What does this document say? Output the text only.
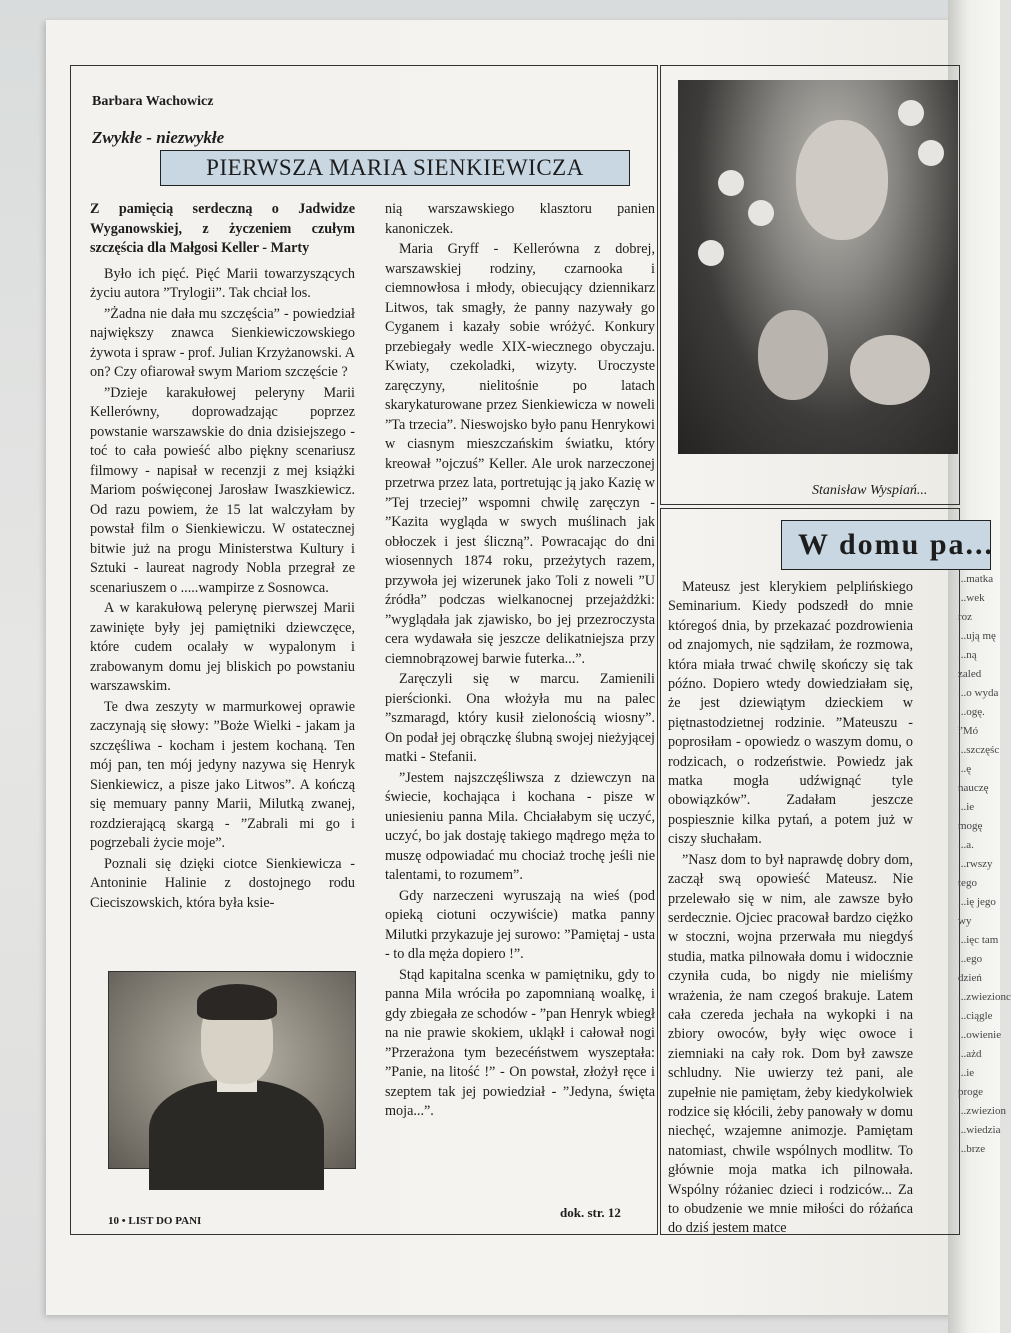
Barbara Wachowicz
Zwykłe - niezwykłe
PIERWSZA MARIA SIENKIEWICZA

Z pamięcią serdeczną o Jadwidze Wyganowskiej, z życzeniem czułym szczęścia dla Małgosi Keller - Marty

Było ich pięć. Pięć Marii towarzyszących życiu autora ”Trylogii”. Tak chciał los.

”Żadna nie dała mu szczęścia” - powiedział największy znawca Sienkiewiczowskiego żywota i spraw - prof. Julian Krzyżanowski. A on? Czy ofiarował swym Mariom szczęście ?

”Dzieje karakułowej peleryny Marii Kellerówny, doprowadzając poprzez powstanie warszawskie do dnia dzisiejszego - toć to cała powieść albo piękny scenariusz filmowy - napisał w recenzji z mej książki Mariom poświęconej Jarosław Iwaszkiewicz. Od razu powiem, że 15 lat walczyłam by powstał film o Sienkiewiczu. W ostatecznej bitwie już na progu Ministerstwa Kultury i Sztuki - laureat nagrody Nobla przegrał ze scenariuszem o .....wampirze z Sosnowca.

A w karakułową pelerynę pierwszej Marii zawinięte były jej pamiętniki dziewczęce, które cudem ocalały w wypalonym i zrabowanym domu jej bliskich po powstaniu warszawskim.

Te dwa zeszyty w marmurkowej oprawie zaczynają się słowy: ”Boże Wielki - jakam ja szczęśliwa - kocham i jestem kochaną. Ten mój pan, ten mój jedyny nazywa się Henryk Sienkiewicz, a pisze jako Litwos”. A kończą się memuary panny Marii, Milutką zwanej, rozdzierającą skargą - ”Zabrali mi go i pogrzebali życie moje”.

Poznali się dzięki ciotce Sienkiewicza - Antoninie Halinie z dostojnego rodu Cieciszowskich, która była ksie-

nią warszawskiego klasztoru panien kanoniczek.

Maria Gryff - Kellerówna z dobrej, warszawskiej rodziny, czarnooka i ciemnowłosa i młody, obiecujący dziennikarz Litwos, tak smagły, że panny nazywały go Cyganem i kazały sobie wróżyć. Konkury przebiegały wedle XIX-wiecznego obyczaju. Kwiaty, czekoladki, wizyty. Uroczyste zaręczyny, nielitośnie po latach skarykaturowane przez Sienkiewicza w noweli ”Ta trzecia”. Nieswojsko było panu Henrykowi w ciasnym mieszczańskim światku, który kreował ”ojczuś” Keller. Ale urok narzeczonej przetrwa przez lata, portretując ją jako Kazię w ”Tej trzeciej” wspomni chwilę zaręczyn - ”Kazita wygląda w swych muślinach jak obłoczek i jest śliczną”. Powracając do dni wiosennych 1874 roku, przeżytych razem, przywoła jej wizerunek jako Toli z noweli ”U źródła” podczas wielkanocnej przejażdżki: ”wyglądała jak zjawisko, bo jej przezroczysta cera wydawała się jeszcze delikatniejsza przy ciemnobrązowej barwie futerka...”.

Zaręczyli się w marcu. Zamienili pierścionki. Ona włożyła mu na palec ”szmaragd, który kusił zielonością wiosny”. On podał jej obrączkę ślubną swojej nieżyjącej matki - Stefanii.

”Jestem najszczęśliwsza z dziewczyn na świecie, kochająca i kochana - pisze w uniesieniu panna Mila. Chciałabym się uczyć, uczyć, bo jak dostaję takiego mądrego męża to muszę odpowiadać mu chociaż trochę jeśli nie talentami, to rozumem”.

Gdy narzeczeni wyruszają na wieś (pod opieką ciotuni oczywiście) matka panny Milutki przykazuje jej surowo: ”Pamiętaj - usta - to dla męża dopiero !”.

Stąd kapitalna scenka w pamiętniku, gdy to panna Mila wróciła po zapomnianą woalkę, i gdy zbiegała ze schodów - ”pan Henryk wbiegł na nie prawie skokiem, ukląkł i całował nogi ”Przerażona tym bezecéństwem wyszeptała: ”Panie, na litość !” - On powstał, złożył ręce i szeptem tak jej powiedział - ”Jedyna, święta moja...”.

dok. str. 12
10 • LIST DO PANI
Stanisław Wyspiań...
W domu pa...

Mateusz jest klerykiem pelplińskiego Seminarium. Kiedy podszedł do mnie któregoś dnia, by przekazać pozdrowienia od znajomych, nie sądziłam, że rozmowa, która miała trwać chwilę skończy się tak późno. Dopiero wtedy dowiedziałam się, że jest dziewiątym dzieckiem w piętnastodzietnej rodzinie. ”Mateuszu - poprosiłam - opowiedz o waszym domu, o rodzicach, o rodzeństwie. Powiedz jak matka mogła udźwignąć tyle obowiązków”. Zadałam jeszcze pospiesznie kilka pytań, a potem już w ciszy słuchałam.

”Nasz dom to był naprawdę dobry dom, zaczął swą opowieść Mateusz. Nie przelewało się w nim, ale zawsze było serdecznie. Ojciec pracował bardzo ciężko w stoczni, wojna przerwała mu niegdyś studia, matka pilnowała domu i widocznie czyniła cuda, bo nigdy nie mieliśmy wrażenia, że nam czegoś brakuje. Latem cała czereda jechała na wykopki i na zbiory owoców, były więc owoce i ziemniaki na cały rok. Dom był zawsze schludny. Nie uwierzy też pani, ale zupełnie nie pamiętam, żeby kiedykolwiek rodzice się kłócili, żeby panowały w domu niechęć, wzajemne animozje. Pamiętam natomiast, chwile wspólnych modlitw. To głównie moja matka ich pilnowała. Wspólny różaniec dzieci i rodziców... Za to obudzenie we mnie miłości do różańca do dziś jestem matce

...matka
...wek roz
...ują mę
...ną zaled
...o wyda
...ogę. ”Mó
...szczęśc
...ę nauczę
...ie mogę
...a.
...rwszy tego
...ię jego wy
...ięc tam
...ego dzień
...zwiezionc
...ciągle
...owienie
...ażd
...ie proge
...zwiezion
...wiedzia
...brze
